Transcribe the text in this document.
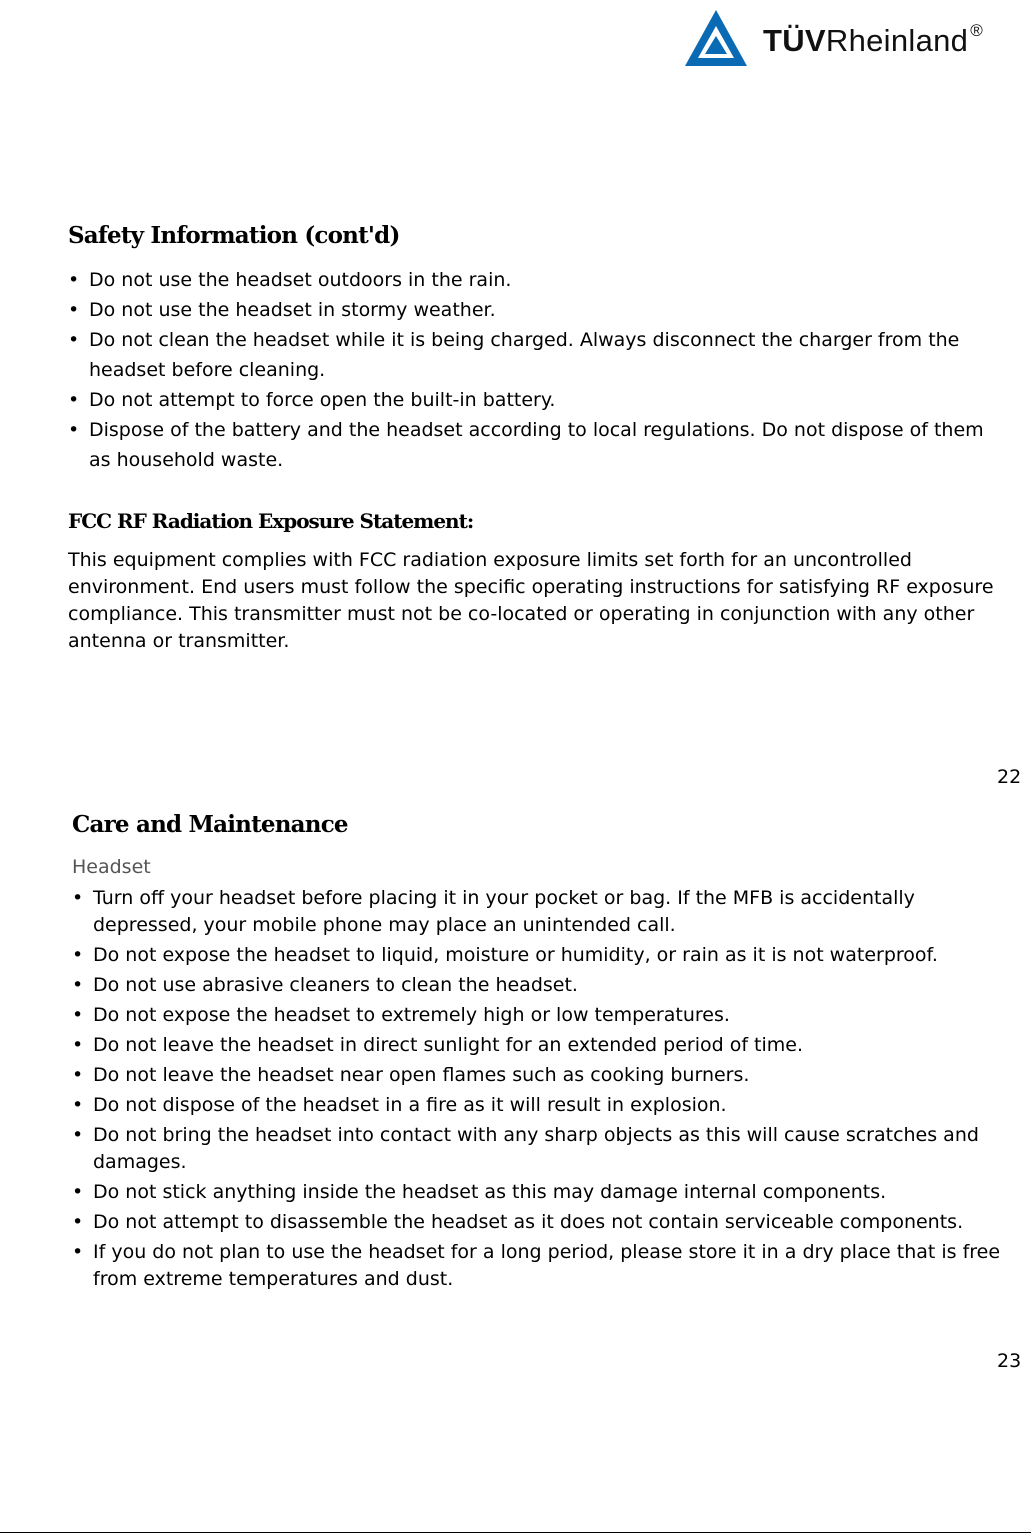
TÜVRheinland ®
Safety Information (cont'd)
• Do not use the headset outdoors in the rain.
• Do not use the headset in stormy weather.
• Do not clean the headset while it is being charged. Always disconnect the charger from the headset before cleaning.
• Do not attempt to force open the built-in battery.
• Dispose of the battery and the headset according to local regulations. Do not dispose of them as household waste.
FCC RF Radiation Exposure Statement:

This equipment complies with FCC radiation exposure limits set forth for an uncontrolled environment. End users must follow the specific operating instructions for satisfying RF exposure compliance. This transmitter must not be co-located or operating in conjunction with any other antenna or transmitter.

22
Care and Maintenance
Headset
• Turn off your headset before placing it in your pocket or bag. If the MFB is accidentally depressed, your mobile phone may place an unintended call.
• Do not expose the headset to liquid, moisture or humidity, or rain as it is not waterproof.
• Do not use abrasive cleaners to clean the headset.
• Do not expose the headset to extremely high or low temperatures.
• Do not leave the headset in direct sunlight for an extended period of time.
• Do not leave the headset near open flames such as cooking burners.
• Do not dispose of the headset in a fire as it will result in explosion.
• Do not bring the headset into contact with any sharp objects as this will cause scratches and damages.
• Do not stick anything inside the headset as this may damage internal components.
• Do not attempt to disassemble the headset as it does not contain serviceable components.
• If you do not plan to use the headset for a long period, please store it in a dry place that is free from extreme temperatures and dust.
23
